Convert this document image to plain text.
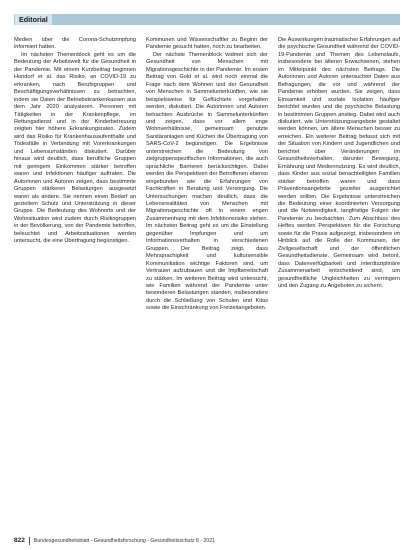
Editorial

Medien über die Corona-Schutzimpfung informiert hatten.

Im nächsten Themenblock geht es um die Bedeutung der Arbeitswelt für die Gesundheit in der Pandemie. Mit einem Kurzbeitrag beginnen Hondorf et al. das Risiko, an COVID-19 zu erkranken, nach Berufsgruppen und Beschäftigungsverhältnissen zu betrachten, indem sie Daten der Betriebskrankenkassen aus dem Jahr 2020 analysieren. Personen mit Tätigkeiten in der Krankenpflege, im Rettungsdienst und in der Kinderbetreuung zeigten hier höhere Erkrankungsraten. Zudem wird das Risiko für Krankenhausaufenthalte und Todesfälle in Verbindung mit Vorerkrankungen und Lebensumständen diskutiert. Darüber hinaus wird deutlich, dass berufliche Gruppen mit geringem Einkommen stärker betroffen waren und Infektionen häufiger auftraten. Die Autorinnen und Autoren zeigen, dass bestimmte Gruppen stärkeren Belastungen ausgesetzt waren als andere. Sie nennen einen Bedarf an gezieltem Schutz und Unterstützung in dieser Gruppe. Die Bedeutung des Wohnorts und der Wohnsituation wird zudem durch Risikogruppen in der Bevölkerung, von der Pandemie betroffen, beleuchtet und Arbeitssituationen werden untersucht, die eine Übertragung begünstigen.

Kommunen und Wissenschaftler zu Beginn der Pandemie gesucht hatten, noch zu bearbeiten.

Der nächste Themenblock widmet sich der Gesundheit von Menschen mit Migrationsgeschichte in der Pandemie. Im ersten Beitrag von Gold et al. wird noch einmal die Frage nach dem Wohnen und der Gesundheit von Menschen in Sammelunterkünften, wie sie beispielsweise für Geflüchtete vorgehalten werden, diskutiert. Die Autorinnen und Autoren betrachten Ausbrüche in Sammelunterkünften und zeigen, dass vor allem enge Wohnverhältnisse, gemeinsam genutzte Sanitäranlagen und Küchen die Übertragung von SARS-CoV-2 begünstigen. Die Ergebnisse unterstreichen die Bedeutung von zielgruppenspezifischen Informationen, die auch sprachliche Barrieren berücksichtigen. Dabei werden die Perspektiven der Betroffenen ebenso eingebunden wie die Erfahrungen von Fachkräften in Beratung und Versorgung. Die Untersuchungen machen deutlich, dass die Lebensrealitäten von Menschen mit Migrationsgeschichte oft in einem engen Zusammenhang mit dem Infektionsrisiko stehen. Im nächsten Beitrag geht es um die Einstellung gegenüber Impfungen und um Informationsverhalten in verschiedenen Gruppen. Der Beitrag zeigt, dass Mehrsprachigkeit und kultursensible Kommunikation wichtige Faktoren sind, um Vertrauen aufzubauen und die Impfbereitschaft zu stärken. Im weiteren Beitrag wird untersucht, wie Familien während der Pandemie unter besonderen Belastungen standen, insbesondere durch die Schließung von Schulen und Kitas sowie die Einschränkung von Freizeitangeboten.

Die Auswirkungen traumatischer Erfahrungen auf die psychische Gesundheit während der COVID-19-Pandemie und Themen des Lebenslaufs, insbesondere bei älteren Erwachsenen, stehen im Mittelpunkt des nächsten Beitrags. Die Autorinnen und Autoren untersuchen Daten aus Befragungen, die vor und während der Pandemie erhoben wurden. Sie zeigen, dass Einsamkeit und soziale Isolation häufiger berichtet wurden und die psychische Belastung in bestimmten Gruppen anstieg. Dabei wird auch diskutiert, wie Unterstützungsangebote gestaltet werden können, um ältere Menschen besser zu erreichen. Ein weiterer Beitrag befasst sich mit der Situation von Kindern und Jugendlichen und berichtet über Veränderungen im Gesundheitsverhalten, darunter Bewegung, Ernährung und Mediennutzung. Es wird deutlich, dass Kinder aus sozial benachteiligten Familien stärker betroffen waren und dass Präventionsangebote gezielter ausgerichtet werden sollten. Die Ergebnisse unterstreichen die Bedeutung einer koordinierten Versorgung und die Notwendigkeit, langfristige Folgen der Pandemie zu beobachten. Zum Abschluss des Heftes werden Perspektiven für die Forschung sowie für die Praxis aufgezeigt, insbesondere im Hinblick auf die Rolle der Kommunen, der Zivilgesellschaft und der öffentlichen Gesundheitsdienste. Gemeinsam wird betont, dass Datenverfügbarkeit und interdisziplinäre Zusammenarbeit entscheidend sind, um gesundheitliche Ungleichheiten zu verringern und den Zugang zu Angeboten zu sichern.

822 Bundesgesundheitsblatt - Gesundheitsforschung - Gesundheitsschutz 8 · 2021
